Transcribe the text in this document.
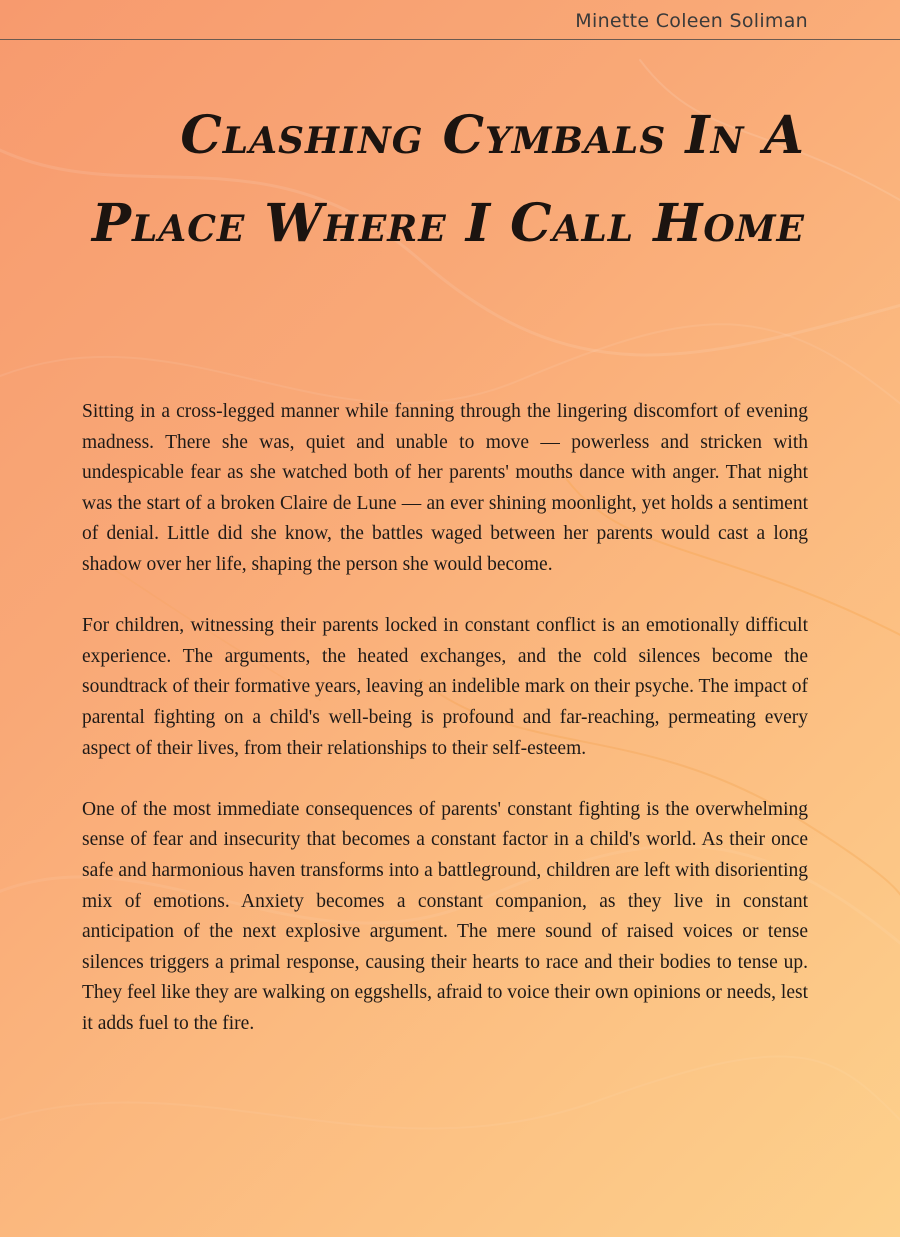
Minette Coleen Soliman

Clashing Cymbals In A Place Where I Call Home

Sitting in a cross-legged manner while fanning through the lingering discomfort of evening madness. There she was, quiet and unable to move — powerless and stricken with undespicable fear as she watched both of her parents' mouths dance with anger. That night was the start of a broken Claire de Lune — an ever shining moonlight, yet holds a sentiment of denial. Little did she know, the battles waged between her parents would cast a long shadow over her life, shaping the person she would become.

For children, witnessing their parents locked in constant conflict is an emotionally difficult experience. The arguments, the heated exchanges, and the cold silences become the soundtrack of their formative years, leaving an indelible mark on their psyche. The impact of parental fighting on a child's well-being is profound and far-reaching, permeating every aspect of their lives, from their relationships to their self-esteem.

One of the most immediate consequences of parents' constant fighting is the overwhelming sense of fear and insecurity that becomes a constant factor in a child's world. As their once safe and harmonious haven transforms into a battleground, children are left with disorienting mix of emotions. Anxiety becomes a constant companion, as they live in constant anticipation of the next explosive argument. The mere sound of raised voices or tense silences triggers a primal response, causing their hearts to race and their bodies to tense up. They feel like they are walking on eggshells, afraid to voice their own opinions or needs, lest it adds fuel to the fire.
